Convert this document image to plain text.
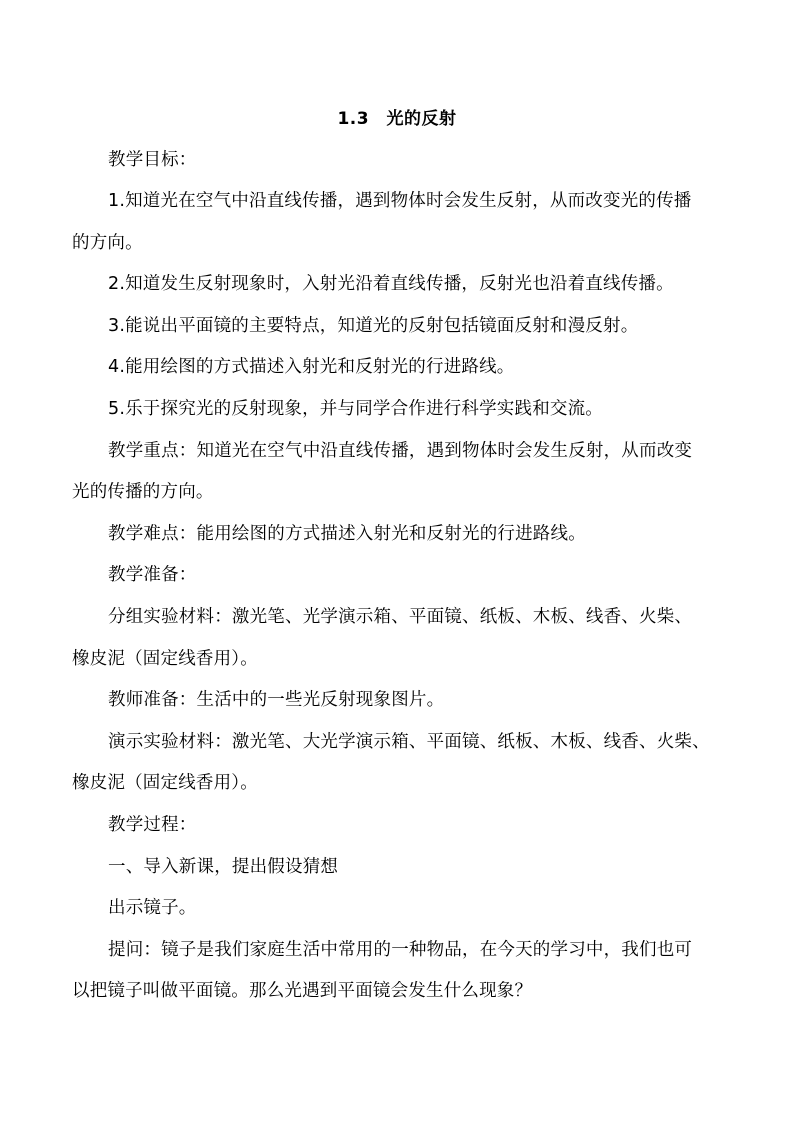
1.3　光的反射
教学目标：
1.知道光在空气中沿直线传播，遇到物体时会发生反射，从而改变光的传播
的方向。
2.知道发生反射现象时，入射光沿着直线传播，反射光也沿着直线传播。
3.能说出平面镜的主要特点，知道光的反射包括镜面反射和漫反射。
4.能用绘图的方式描述入射光和反射光的行进路线。
5.乐于探究光的反射现象，并与同学合作进行科学实践和交流。
教学重点：知道光在空气中沿直线传播，遇到物体时会发生反射，从而改变
光的传播的方向。
教学难点：能用绘图的方式描述入射光和反射光的行进路线。
教学准备：
分组实验材料：激光笔、光学演示箱、平面镜、纸板、木板、线香、火柴、
橡皮泥（固定线香用）。
教师准备：生活中的一些光反射现象图片。
演示实验材料：激光笔、大光学演示箱、平面镜、纸板、木板、线香、火柴、
橡皮泥（固定线香用）。
教学过程：
一、导入新课，提出假设猜想
出示镜子。
提问：镜子是我们家庭生活中常用的一种物品，在今天的学习中，我们也可
以把镜子叫做平面镜。那么光遇到平面镜会发生什么现象？
